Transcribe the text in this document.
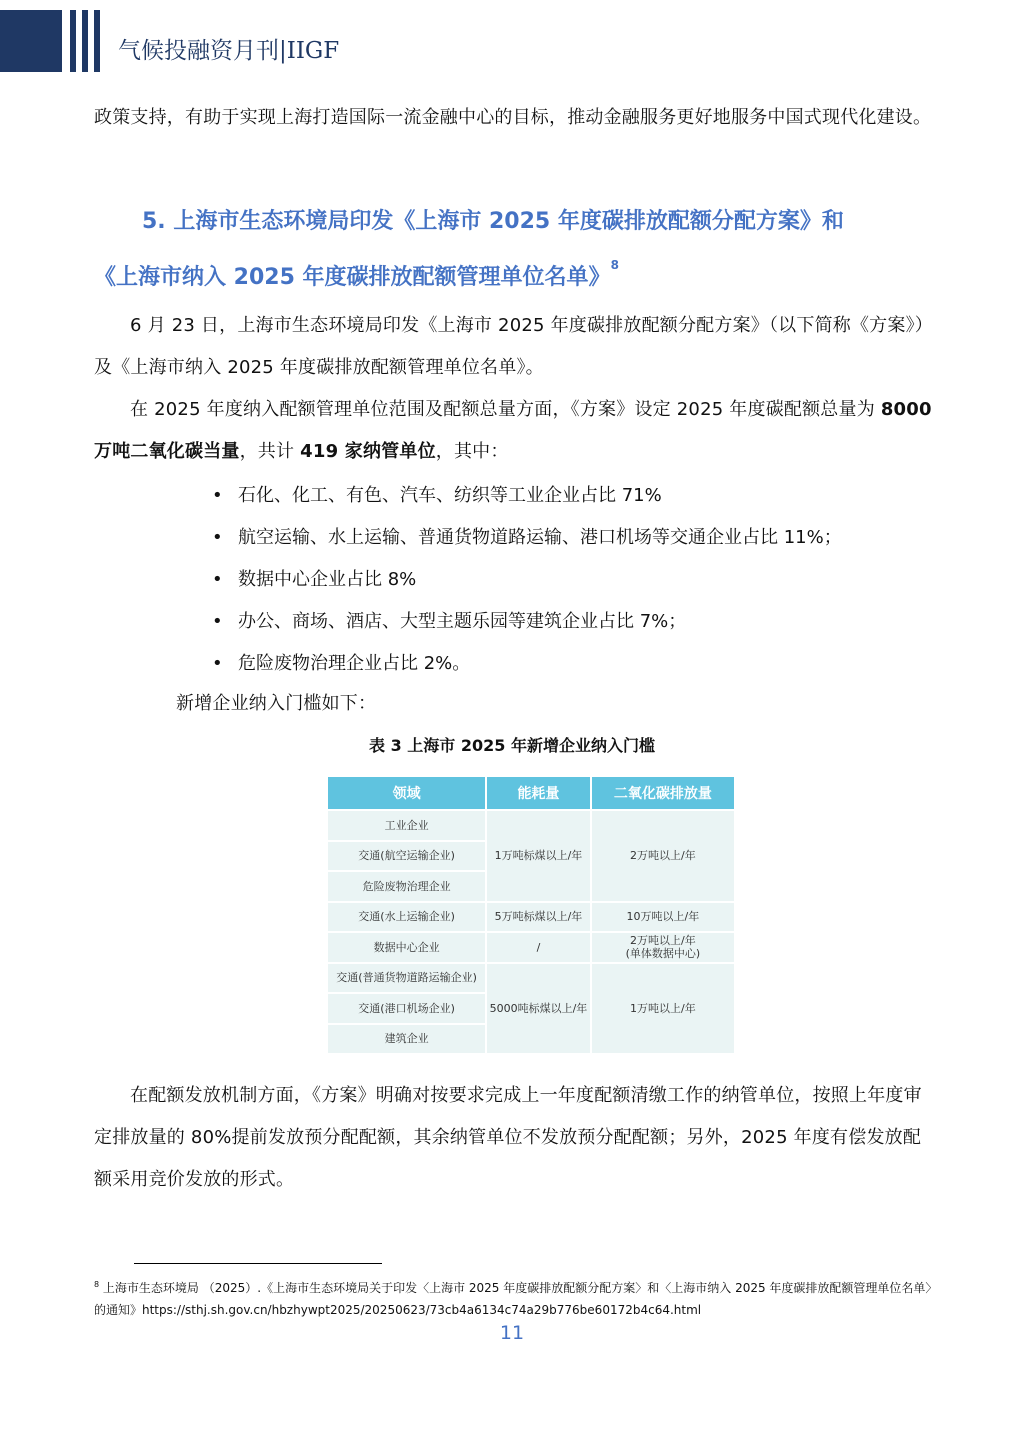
气候投融资月刊|IIGF
政策支持，有助于实现上海打造国际一流金融中心的目标，推动金融服务更好地服务中国式现代化建设。
5. 上海市生态环境局印发《上海市 2025 年度碳排放配额分配方案》和
《上海市纳入 2025 年度碳排放配额管理单位名单》$^8$
6 月 23 日，上海市生态环境局印发《上海市 2025 年度碳排放配额分配方案》（以下简称《方案》）及《上海市纳入 2025 年度碳排放配额管理单位名单》。
在 2025 年度纳入配额管理单位范围及配额总量方面，《方案》设定 2025 年度碳配额总量为 8000 万吨二氧化碳当量，共计 419 家纳管单位，其中：
• 石化、化工、有色、汽车、纺织等工业企业占比 71%
• 航空运输、水上运输、普通货物道路运输、港口机场等交通企业占比 11%；
• 数据中心企业占比 8%
• 办公、商场、酒店、大型主题乐园等建筑企业占比 7%；
• 危险废物治理企业占比 2%。
新增企业纳入门槛如下：
表 3 上海市 2025 年新增企业纳入门槛
领域	能耗量	二氧化碳排放量
工业企业	1万吨标煤以上/年	2万吨以上/年
交通(航空运输企业)		
危险废物治理企业		
交通(水上运输企业)	5万吨标煤以上/年	10万吨以上/年
数据中心企业	/	2万吨以上/年
(单体数据中心)

交通(普通货物道路运输企业)	5000吨标煤以上/年	1万吨以上/年
交通(港口机场企业)		
建筑企业		
在配额发放机制方面，《方案》明确对按要求完成上一年度配额清缴工作的纳管单位，按照上年度审定排放量的 80%提前发放预分配配额，其余纳管单位不发放预分配配额；另外，2025 年度有偿发放配额采用竞价发放的形式。
$^8$ 上海市生态环境局 （2025）.《上海市生态环境局关于印发〈上海市 2025 年度碳排放配额分配方案〉和〈上海市纳入 2025 年度碳排放配额管理单位名单〉的通知》https://sthj.sh.gov.cn/hbzhywpt2025/20250623/73cb4a6134c74a29b776be60172b4c64.html
11
